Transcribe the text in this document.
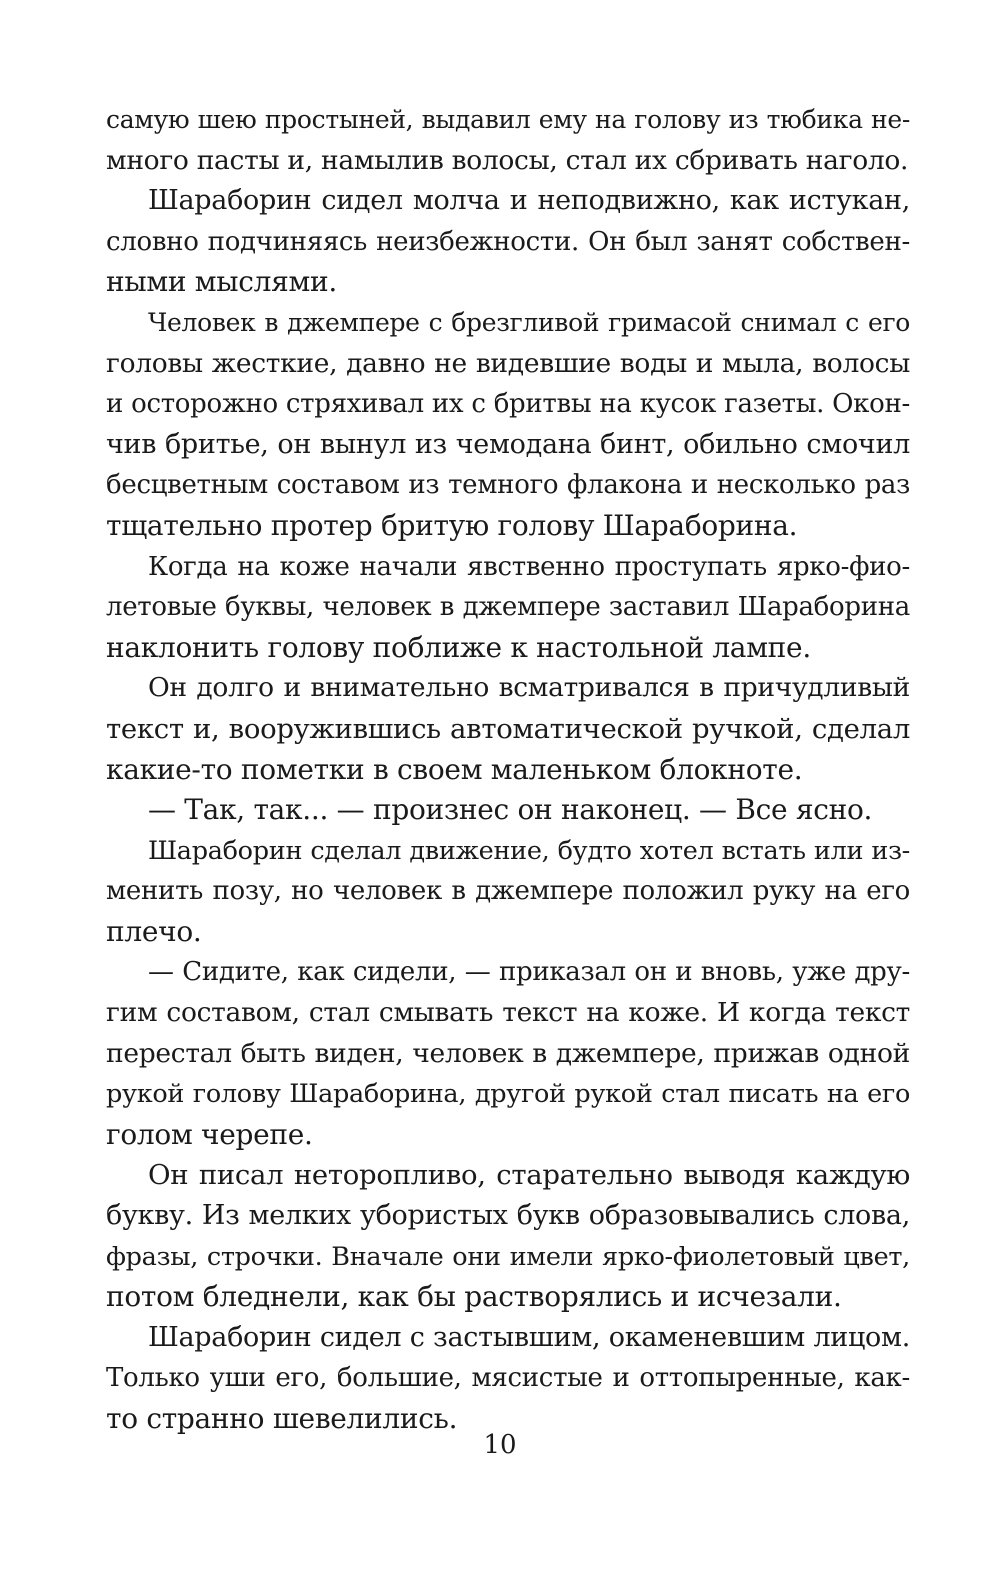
самую шею простыней, выдавил ему на голову из тюбика не-
много пасты и, намылив волосы, стал их сбривать наголо.
Шараборин сидел молча и неподвижно, как истукан,
словно подчиняясь неизбежности. Он был занят собствен-
ными мыслями.
Человек в джемпере с брезгливой гримасой снимал с его
головы жесткие, давно не видевшие воды и мыла, волосы
и осторожно стряхивал их с бритвы на кусок газеты. Окон-
чив бритье, он вынул из чемодана бинт, обильно смочил
бесцветным составом из темного флакона и несколько раз
тщательно протер бритую голову Шараборина.
Когда на коже начали явственно проступать ярко-фио-
летовые буквы, человек в джемпере заставил Шараборина
наклонить голову поближе к настольной лампе.
Он долго и внимательно всматривался в причудливый
текст и, вооружившись автоматической ручкой, сделал
какие-то пометки в своем маленьком блокноте.
— Так, так... — произнес он наконец. — Все ясно.
Шараборин сделал движение, будто хотел встать или из-
менить позу, но человек в джемпере положил руку на его
плечо.
— Сидите, как сидели, — приказал он и вновь, уже дру-
гим составом, стал смывать текст на коже. И когда текст
перестал быть виден, человек в джемпере, прижав одной
рукой голову Шараборина, другой рукой стал писать на его
голом черепе.
Он писал неторопливо, старательно выводя каждую
букву. Из мелких убористых букв образовывались слова,
фразы, строчки. Вначале они имели ярко-фиолетовый цвет,
потом бледнели, как бы растворялись и исчезали.
Шараборин сидел с застывшим, окаменевшим лицом.
Только уши его, большие, мясистые и оттопыренные, как-
то странно шевелились.
10
